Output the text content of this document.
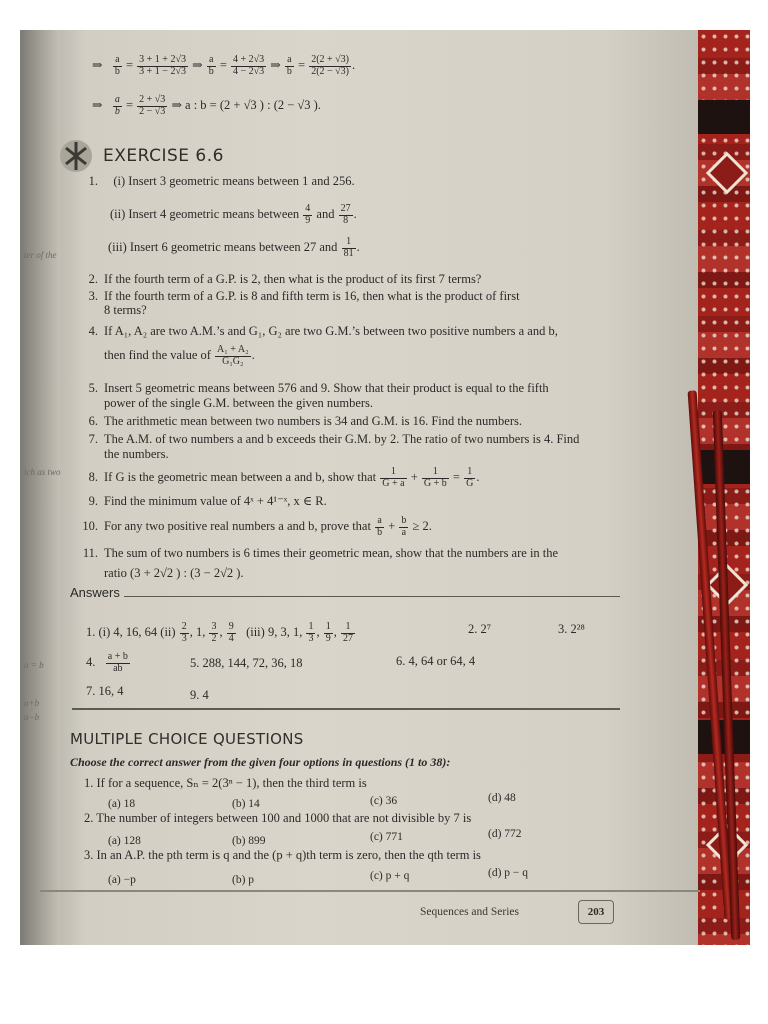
ter of the
ich as two
a = b
a+b
a−b
⇒ $\frac{a}{b} = \frac{3 + 1 + 2√3}{3 + 1 - 2√3}$ ⇒ $\frac{a}{b} = \frac{4 + 2√3}{4 - 2√3}$ ⇒ $\frac{a}{b} = \frac{2(2 + √3)}{2(2 - √3)}$ .
⇒ $\frac{a}{b} = \frac{2 + √3}{2 - √3}$ ⇒ a : b = (2 + √3 ) : (2 − √3 ).
EXERCISE 6.6
1. (i) Insert 3 geometric means between 1 and 256.
(ii) Insert 4 geometric means between $\frac{4}{9}$ and $\frac{27}{8}$ .
(iii) Insert 6 geometric means between 27 and $\frac{1}{81}$ .
2. If the fourth term of a G.P. is 2, then what is the product of its first 7 terms?
3. If the fourth term of a G.P. is 8 and fifth term is 16, then what is the product of first
8 terms?
4. If A₁, A₂ are two A.M.’s and G₁, G₂ are two G.M.’s between two positive numbers a and b,
then find the value of $\frac{\text{A₁ + A₂}}{\text{G₁G₂}}$ .
5. Insert 5 geometric means between 576 and 9. Show that their product is equal to the fifth
power of the single G.M. between the given numbers.
6. The arithmetic mean between two numbers is 34 and G.M. is 16. Find the numbers.
7. The A.M. of two numbers a and b exceeds their G.M. by 2. The ratio of two numbers is 4. Find
the numbers.
8. If G is the geometric mean between a and b, show that $\frac{1}{G + a} + \frac{1}{G + b} = \frac{1}{G}$ .
9. Find the minimum value of 4ˣ + 4¹⁻ˣ, x ∈ R.
10. For any two positive real numbers a and b, prove that $\frac{a}{b} + \frac{b}{a} \ge 2$.
11. The sum of two numbers is 6 times their geometric mean, show that the numbers are in the
ratio (3 + 2√2 ) : (3 − 2√2 ).
Answers
1. (i) 4, 16, 64 $(ii) \frac{2}{3}$ , 1, $\frac{3}{2}$ , $\frac{9}{4} (iii)$ 9, 3, 1, $\frac{1}{3}$ , $\frac{1}{9}$ , $\frac{1}{27}$	2. 2⁷	3. 2²⁸
4. $\frac{a + b}{ab}$	5. 288, 144, 72, 36, 18	6. 4, 64 or 64, 4
7. 16, 4	9. 4
MULTIPLE CHOICE QUESTIONS
Choose the correct answer from the given four options in questions (1 to 38):
1. If for a sequence, Sₙ = 2(3ⁿ − 1), then the third term is
(a) 18	(b) 14	(c) 36	(d) 48
2. The number of integers between 100 and 1000 that are not divisible by 7 is
(a) 128	(b) 899	(c) 771	(d) 772
3. In an A.P. the pth term is q and the (p + q)th term is zero, then the qth term is
(a) −p	(b) p	(c) p + q	(d) p − q
Sequences and Series	203
